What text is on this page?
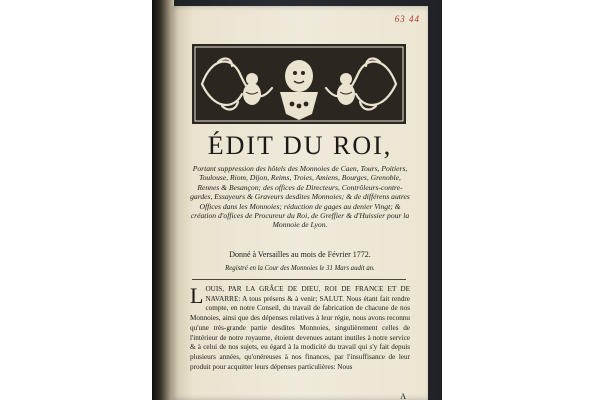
63 44
ÉDIT DU ROI,
Portant suppression des hôtels des Monnoies de Caen, Tours, Poitiers, Toulouse, Riom, Dijon, Reims, Troies, Amiens, Bourges, Grenoble, Rennes & Besançon; des offices de Directeurs, Contrôleurs-contre-gardes, Essayeurs & Graveurs desdites Monnoies; & de différens autres Offices dans les Monnoies; réduction de gages au denier Vingt; & création d'offices de Procureur du Roi, de Greffier & d'Huissier pour la Monnoie de Lyon.
Donné à Versailles au mois de Février 1772.
Registré en la Cour des Monnoies le 31 Mars audit an.
LOUIS, PAR LA GRÂCE DE DIEU, ROI DE FRANCE ET DE NAVARRE: A tous présens & à venir; SALUT. Nous étant fait rendre compte, en notre Conseil, du travail de fabrication de chacune de nos Monnoies, ainsi que des dépenses relatives à leur régie, nous avons reconnu qu'une très-grande partie desdites Monnoies, singulièrement celles de l'intérieur de notre royaume, étoient devenues autant inutiles à notre service & à celui de nos sujets, eu égard à la modicité du travail qui s'y fait depuis plusieurs années, qu'onéreuses à nos finances, par l'insuffisance de leur produit pour acquitter leurs dépenses particulières: Nous
A
